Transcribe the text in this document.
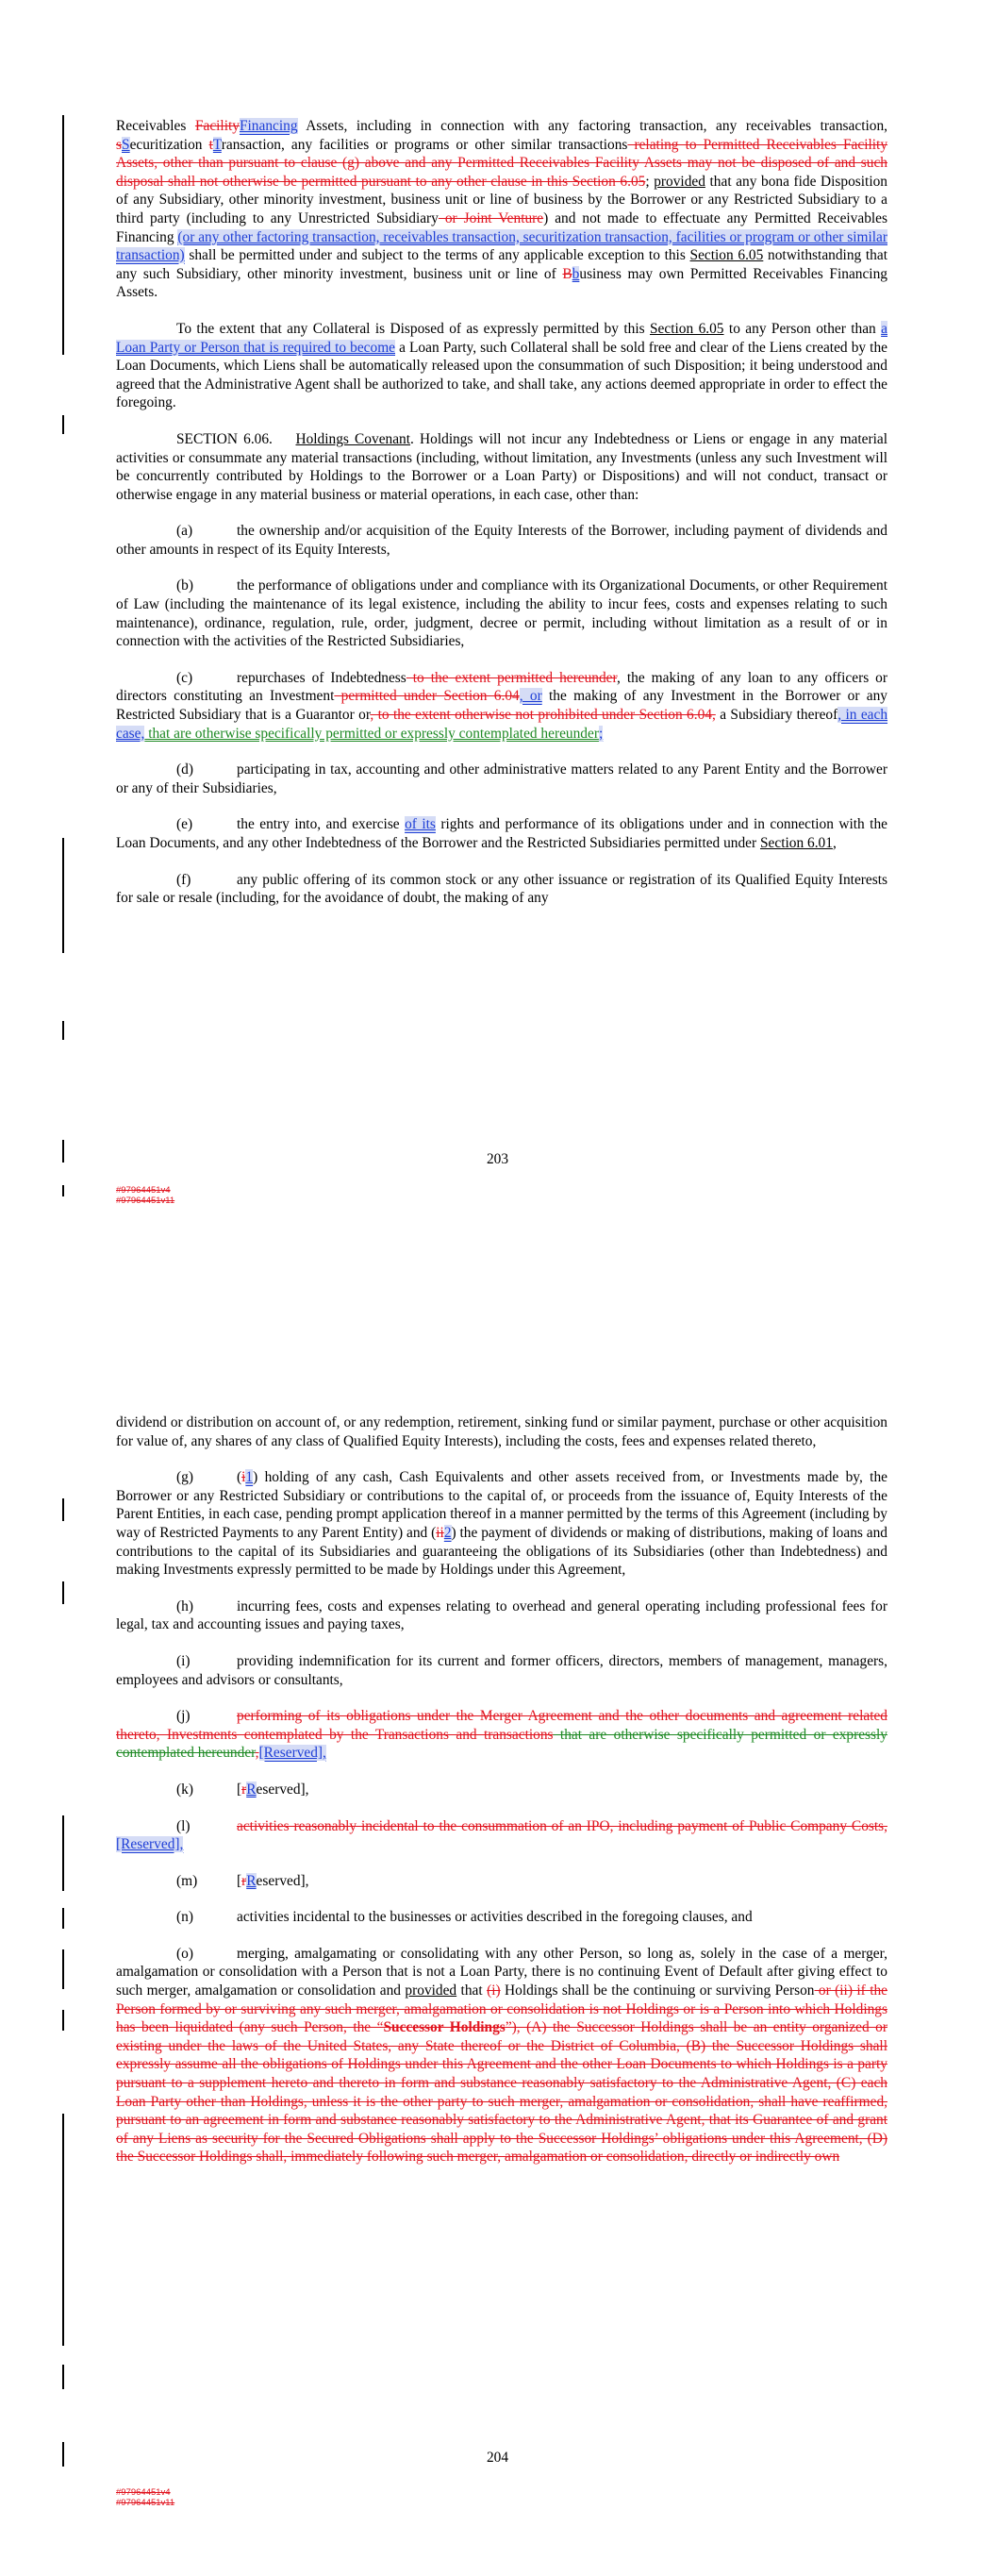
Receivables FacilityFinancing Assets, including in connection with any factoring transaction, any receivables transaction, sSecuritization tTransaction, any facilities or programs or other similar transactions relating to Permitted Receivables Facility Assets, other than pursuant to clause (g) above and any Permitted Receivables Facility Assets may not be disposed of and such disposal shall not otherwise be permitted pursuant to any other clause in this Section 6.05; provided that any bona fide Disposition of any Subsidiary, other minority investment, business unit or line of business by the Borrower or any Restricted Subsidiary to a third party (including to any Unrestricted Subsidiary or Joint Venture) and not made to effectuate any Permitted Receivables Financing (or any other factoring transaction, receivables transaction, securitization transaction, facilities or program or other similar transaction) shall be permitted under and subject to the terms of any applicable exception to this Section 6.05 notwithstanding that any such Subsidiary, other minority investment, business unit or line of Bbusiness may own Permitted Receivables Financing Assets.

To the extent that any Collateral is Disposed of as expressly permitted by this Section 6.05 to any Person other than a Loan Party or Person that is required to become a Loan Party, such Collateral shall be sold free and clear of the Liens created by the Loan Documents, which Liens shall be automatically released upon the consummation of such Disposition; it being understood and agreed that the Administrative Agent shall be authorized to take, and shall take, any actions deemed appropriate in order to effect the foregoing.

SECTION 6.06. Holdings Covenant. Holdings will not incur any Indebtedness or Liens or engage in any material activities or consummate any material transactions (including, without limitation, any Investments (unless any such Investment will be concurrently contributed by Holdings to the Borrower or a Loan Party) or Dispositions) and will not conduct, transact or otherwise engage in any material business or material operations, in each case, other than:

(a)	the ownership and/or acquisition of the Equity Interests of the Borrower, including payment of dividends and other amounts in respect of its Equity Interests,

(b)	the performance of obligations under and compliance with its Organizational Documents, or other Requirement of Law (including the maintenance of its legal existence, including the ability to incur fees, costs and expenses relating to such maintenance), ordinance, regulation, rule, order, judgment, decree or permit, including without limitation as a result of or in connection with the activities of the Restricted Subsidiaries,

(c)	repurchases of Indebtedness to the extent permitted hereunder, the making of any loan to any officers or directors constituting an Investment permitted under Section 6.04, or the making of any Investment in the Borrower or any Restricted Subsidiary that is a Guarantor or, to the extent otherwise not prohibited under Section 6.04, a Subsidiary thereof, in each case, that are otherwise specifically permitted or expressly contemplated hereunder;

(d)	participating in tax, accounting and other administrative matters related to any Parent Entity and the Borrower or any of their Subsidiaries,

(e)	the entry into, and exercise of its rights and performance of its obligations under and in connection with the Loan Documents, and any other Indebtedness of the Borrower and the Restricted Subsidiaries permitted under Section 6.01,

(f)	any public offering of its common stock or any other issuance or registration of its Qualified Equity Interests for sale or resale (including, for the avoidance of doubt, the making of any

203
#97964451v4
#97964451v11

dividend or distribution on account of, or any redemption, retirement, sinking fund or similar payment, purchase or other acquisition for value of, any shares of any class of Qualified Equity Interests), including the costs, fees and expenses related thereto,

(g)	(i1) holding of any cash, Cash Equivalents and other assets received from, or Investments made by, the Borrower or any Restricted Subsidiary or contributions to the capital of, or proceeds from the issuance of, Equity Interests of the Parent Entities, in each case, pending prompt application thereof in a manner permitted by the terms of this Agreement (including by way of Restricted Payments to any Parent Entity) and (ii2) the payment of dividends or making of distributions, making of loans and contributions to the capital of its Subsidiaries and guaranteeing the obligations of its Subsidiaries (other than Indebtedness) and making Investments expressly permitted to be made by Holdings under this Agreement,

(h)	incurring fees, costs and expenses relating to overhead and general operating including professional fees for legal, tax and accounting issues and paying taxes,

(i)	providing indemnification for its current and former officers, directors, members of management, managers, employees and advisors or consultants,

(j)	performing of its obligations under the Merger Agreement and the other documents and agreement related thereto, Investments contemplated by the Transactions and transactions that are otherwise specifically permitted or expressly contemplated hereunder,[Reserved],

(k)	[rReserved],

(l)	activities reasonably incidental to the consummation of an IPO, including payment of Public Company Costs,[Reserved],

(m)	[rReserved],

(n)	activities incidental to the businesses or activities described in the foregoing clauses, and

(o)	merging, amalgamating or consolidating with any other Person, so long as, solely in the case of a merger, amalgamation or consolidation with a Person that is not a Loan Party, there is no continuing Event of Default after giving effect to such merger, amalgamation or consolidation and provided that (i) Holdings shall be the continuing or surviving Person or (ii) if the Person formed by or surviving any such merger, amalgamation or consolidation is not Holdings or is a Person into which Holdings has been liquidated (any such Person, the “Successor Holdings”), (A) the Successor Holdings shall be an entity organized or existing under the laws of the United States, any State thereof or the District of Columbia, (B) the Successor Holdings shall expressly assume all the obligations of Holdings under this Agreement and the other Loan Documents to which Holdings is a party pursuant to a supplement hereto and thereto in form and substance reasonably satisfactory to the Administrative Agent, (C) each Loan Party other than Holdings, unless it is the other party to such merger, amalgamation or consolidation, shall have reaffirmed, pursuant to an agreement in form and substance reasonably satisfactory to the Administrative Agent, that its Guarantee of and grant of any Liens as security for the Secured Obligations shall apply to the Successor Holdings’ obligations under this Agreement, (D) the Successor Holdings shall, immediately following such merger, amalgamation or consolidation, directly or indirectly own

204
#97964451v4
#97964451v11
